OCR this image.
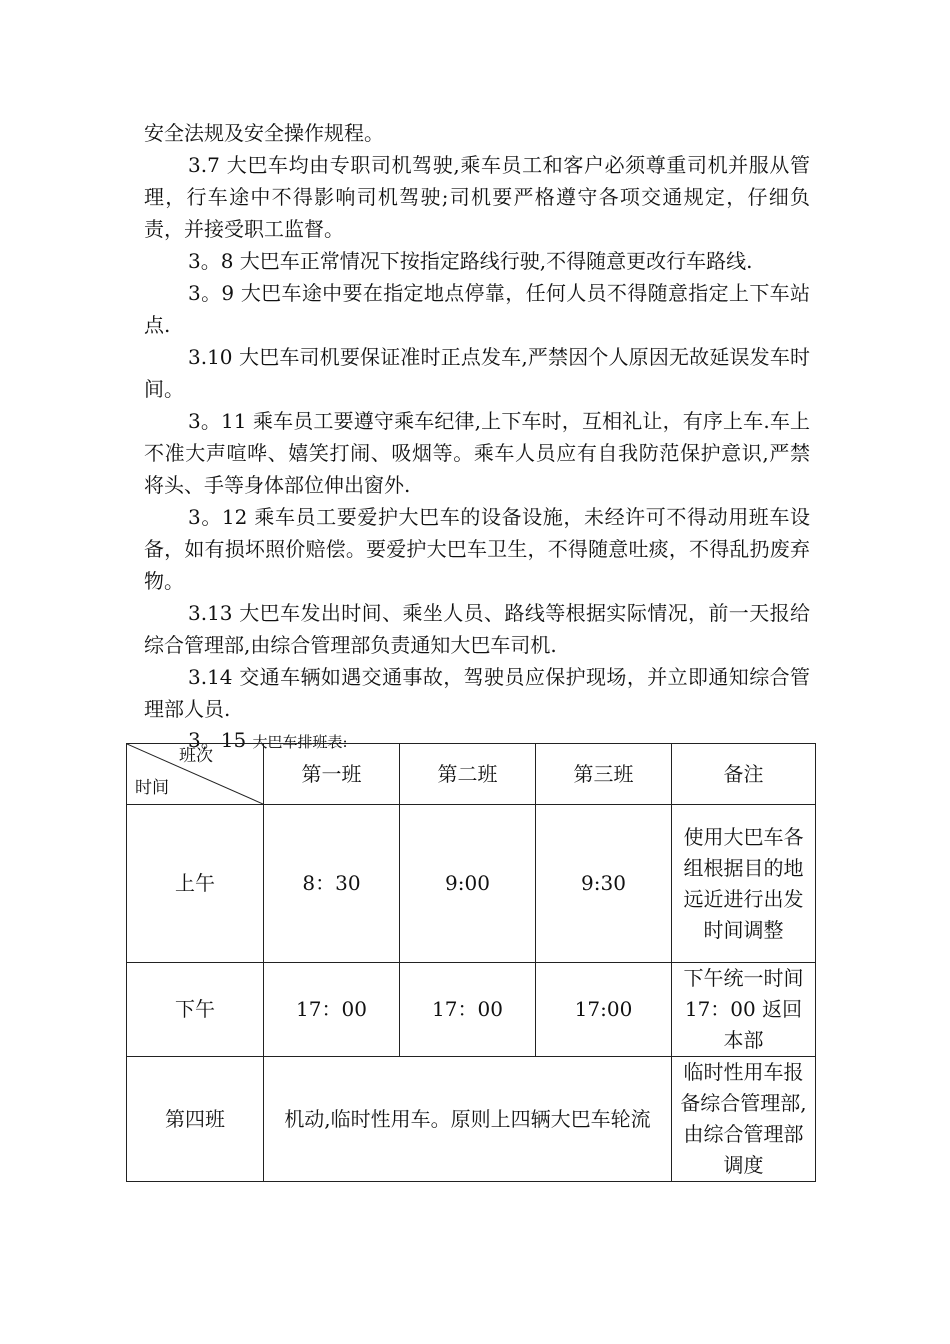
安全法规及安全操作规程。

3.7 大巴车均由专职司机驾驶,乘车员工和客户必须尊重司机并服从管理，行车途中不得影响司机驾驶;司机要严格遵守各项交通规定，仔细负责，并接受职工监督。

3。8 大巴车正常情况下按指定路线行驶,不得随意更改行车路线.

3。9 大巴车途中要在指定地点停靠，任何人员不得随意指定上下车站点.

3.10 大巴车司机要保证准时正点发车,严禁因个人原因无故延误发车时间。

3。11 乘车员工要遵守乘车纪律,上下车时，互相礼让，有序上车.车上不准大声喧哗、嬉笑打闹、吸烟等。乘车人员应有自我防范保护意识,严禁将头、手等身体部位伸出窗外.

3。12 乘车员工要爱护大巴车的设备设施，未经许可不得动用班车设备，如有损坏照价赔偿。要爱护大巴车卫生，不得随意吐痰，不得乱扔废弃物。

3.13 大巴车发出时间、乘坐人员、路线等根据实际情况，前一天报给综合管理部,由综合管理部负责通知大巴车司机.

3.14 交通车辆如遇交通事故，驾驶员应保护现场，并立即通知综合管理部人员.

3。15 大巴车排班表:

班次
时间	第一班	第二班	第三班	备注
上午	8：30	9:00	9:30	使用大巴车各组根据目的地远近进行出发时间调整
下午	17：00	17：00	17:00	下午统一时间 17：00 返回本部
第四班	机动,临时性用车。原则上四辆大巴车轮流			临时性用车报备综合管理部,由综合管理部调度
